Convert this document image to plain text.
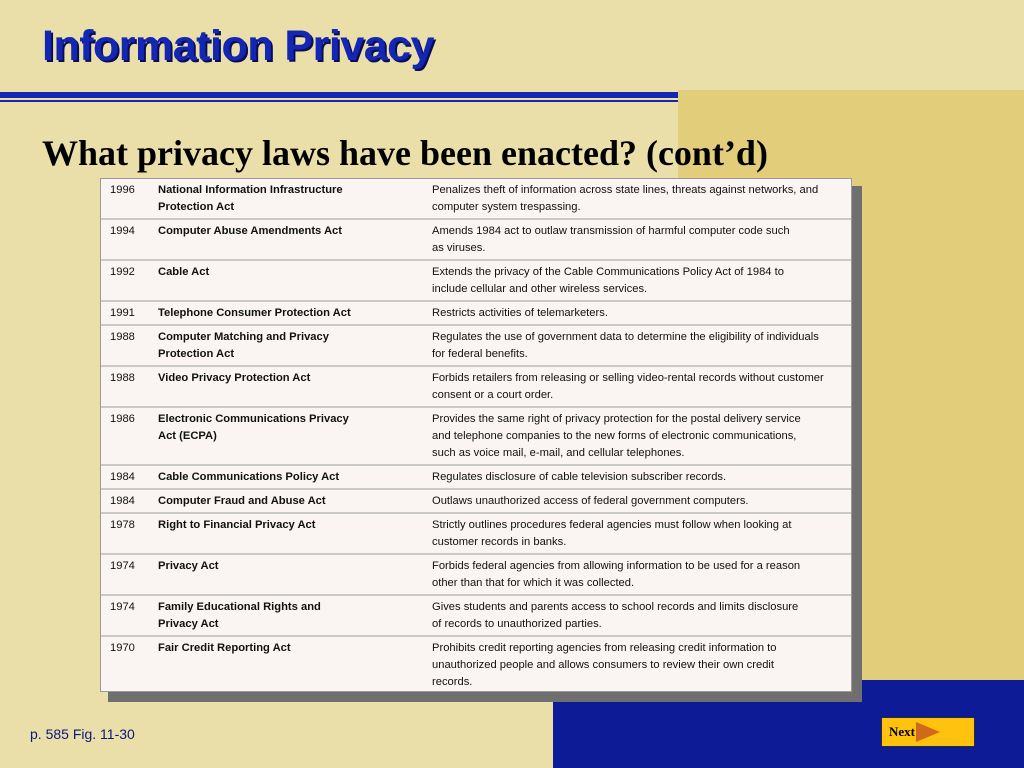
Information Privacy
What privacy laws have been enacted? (cont’d)
1996	National Information Infrastructure
Protection Act	Penalizes theft of information across state lines, threats against networks, and
computer system trespassing.

1994	Computer Abuse Amendments Act	Amends 1984 act to outlaw transmission of harmful computer code such
as viruses.

1992	Cable Act	Extends the privacy of the Cable Communications Policy Act of 1984 to
include cellular and other wireless services.

1991	Telephone Consumer Protection Act	Restricts activities of telemarketers.

1988	Computer Matching and Privacy
Protection Act	Regulates the use of government data to determine the eligibility of individuals
for federal benefits.

1988	Video Privacy Protection Act	Forbids retailers from releasing or selling video-rental records without customer
consent or a court order.

1986	Electronic Communications Privacy
Act (ECPA)	Provides the same right of privacy protection for the postal delivery service
and telephone companies to the new forms of electronic communications,
such as voice mail, e-mail, and cellular telephones.

1984	Cable Communications Policy Act	Regulates disclosure of cable television subscriber records.

1984	Computer Fraud and Abuse Act	Outlaws unauthorized access of federal government computers.

1978	Right to Financial Privacy Act	Strictly outlines procedures federal agencies must follow when looking at
customer records in banks.

1974	Privacy Act	Forbids federal agencies from allowing information to be used for a reason
other than that for which it was collected.

1974	Family Educational Rights and
Privacy Act	Gives students and parents access to school records and limits disclosure
of records to unauthorized parties.

1970	Fair Credit Reporting Act	Prohibits credit reporting agencies from releasing credit information to
unauthorized people and allows consumers to review their own credit
records.
p. 585 Fig. 11-30	Next
